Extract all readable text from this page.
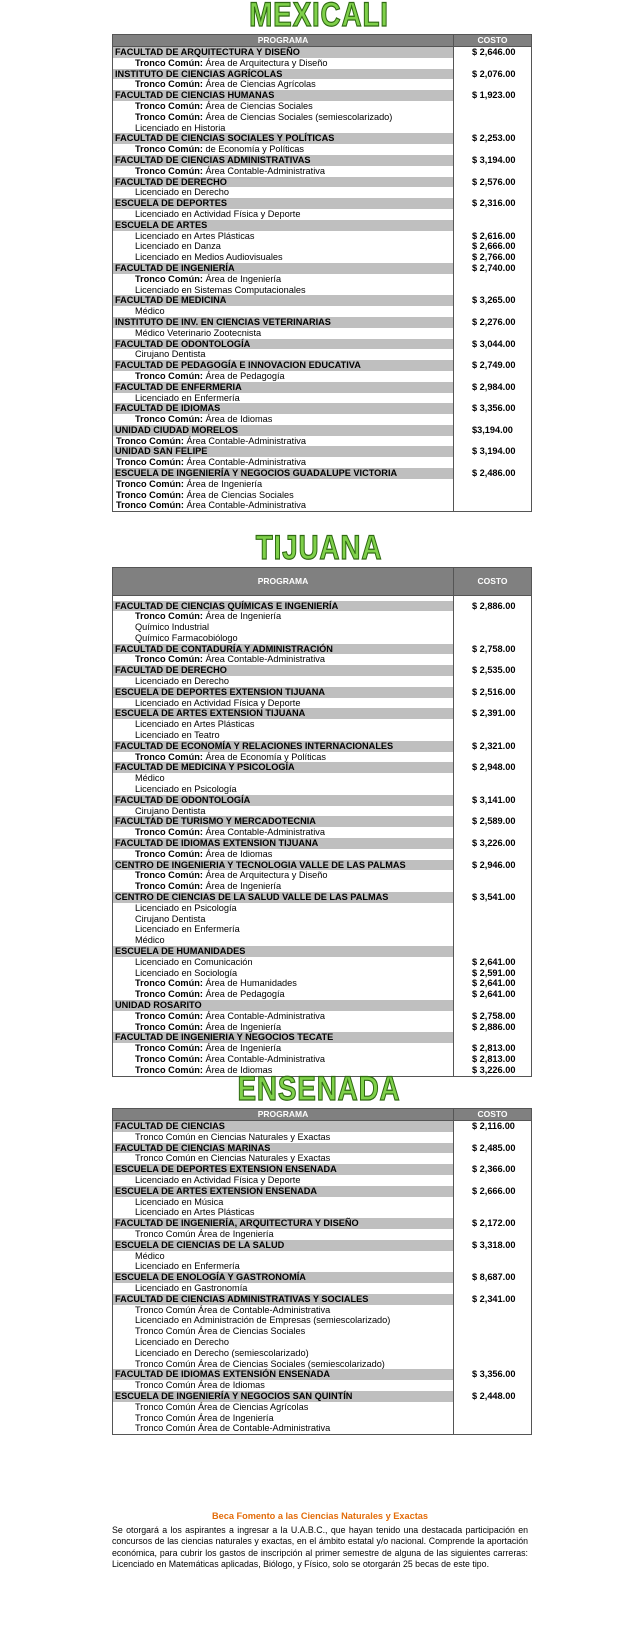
MEXICALI
PROGRAMA	COSTO
FACULTAD DE ARQUITECTURA Y DISEÑO	$ 2,646.00
Tronco Común: Área de Arquitectura y Diseño	
INSTITUTO DE CIENCIAS AGRÍCOLAS	$ 2,076.00
Tronco Común: Área de Ciencias Agrícolas	
FACULTAD DE CIENCIAS HUMANAS	$ 1,923.00
Tronco Común: Área de Ciencias Sociales	
Tronco Común: Área de Ciencias Sociales (semiescolarizado)	
Licenciado en Historia	
FACULTAD DE CIENCIAS SOCIALES Y POLÍTICAS	$ 2,253.00
Tronco Común: de Economía y Políticas	
FACULTAD DE CIENCIAS ADMINISTRATIVAS	$ 3,194.00
Tronco Común: Área Contable-Administrativa	
FACULTAD DE DERECHO	$ 2,576.00
Licenciado en Derecho	
ESCUELA DE DEPORTES	$ 2,316.00
Licenciado en Actividad Física y Deporte	
ESCUELA DE ARTES	
Licenciado en Artes Plásticas	$ 2,616.00
Licenciado en Danza	$ 2,666.00
Licenciado en Medios Audiovisuales	$ 2,766.00
FACULTAD DE INGENIERÍA	$ 2,740.00
Tronco Común: Área de Ingeniería	
Licenciado en Sistemas Computacionales	
FACULTAD DE MEDICINA	$ 3,265.00
Médico	
INSTITUTO DE INV. EN CIENCIAS VETERINARIAS	$ 2,276.00
Médico Veterinario Zootecnista	
FACULTAD DE ODONTOLOGÍA	$ 3,044.00
Cirujano Dentista	
FACULTAD DE PEDAGOGÍA E INNOVACION EDUCATIVA	$ 2,749.00
Tronco Común: Área de Pedagogía	
FACULTAD DE ENFERMERIA	$ 2,984.00
Licenciado en Enfermería	
FACULTAD DE IDIOMAS	$ 3,356.00
Tronco Común: Área de Idiomas	
UNIDAD CIUDAD MORELOS	$3,194.00
Tronco Común: Área Contable-Administrativa	
UNIDAD SAN FELIPE	$ 3,194.00
Tronco Común: Área Contable-Administrativa	
ESCUELA DE INGENIERÍA Y NEGOCIOS GUADALUPE VICTORIA	$ 2,486.00
Tronco Común: Área de Ingeniería	
Tronco Común: Área de Ciencias Sociales	
Tronco Común: Área Contable-Administrativa	
TIJUANA
PROGRAMA	COSTO

FACULTAD DE CIENCIAS QUÍMICAS E INGENIERÍA	$ 2,886.00
Tronco Común: Área de Ingeniería	
Químico Industrial	
Químico Farmacobiólogo	
FACULTAD DE CONTADURÍA Y ADMINISTRACIÓN	$ 2,758.00
Tronco Común: Área Contable-Administrativa	
FACULTAD DE DERECHO	$ 2,535.00
Licenciado en Derecho	
ESCUELA DE DEPORTES EXTENSION TIJUANA	$ 2,516.00
Licenciado en Actividad Física y Deporte	
ESCUELA DE ARTES EXTENSION TIJUANA	$ 2,391.00
Licenciado en Artes Plásticas	
Licenciado en Teatro	
FACULTAD DE ECONOMÍA Y RELACIONES INTERNACIONALES	$ 2,321.00
Tronco Común: Área de Economía y Políticas	
FACULTAD DE MEDICINA Y PSICOLOGÍA	$ 2,948.00
Médico	
Licenciado en Psicología	
FACULTAD DE ODONTOLOGÍA	$ 3,141.00
Cirujano Dentista	
FACULTAD DE TURISMO Y MERCADOTECNIA	$ 2,589.00
Tronco Común: Área Contable-Administrativa	
FACULTAD DE IDIOMAS EXTENSION TIJUANA	$ 3,226.00
Tronco Común: Área de Idiomas	
CENTRO DE INGENIERIA Y TECNOLOGIA VALLE DE LAS PALMAS	$ 2,946.00
Tronco Común: Área de Arquitectura y Diseño	
Tronco Común: Área de Ingeniería	
CENTRO DE CIENCIAS DE LA SALUD VALLE DE LAS PALMAS	$ 3,541.00
Licenciado en Psicología	
Cirujano Dentista	
Licenciado en Enfermería	
Médico	
ESCUELA DE HUMANIDADES	
Licenciado en Comunicación	$ 2,641.00
Licenciado en Sociología	$ 2,591.00
Tronco Común: Área de Humanidades	$ 2,641.00
Tronco Común: Área de Pedagogía	$ 2,641.00
UNIDAD ROSARITO	
Tronco Común: Área Contable-Administrativa	$ 2,758.00
Tronco Común: Área de Ingeniería	$ 2,886.00
FACULTAD DE INGENIERIA Y NEGOCIOS TECATE	
Tronco Común: Área de Ingeniería	$ 2,813.00
Tronco Común: Área Contable-Administrativa	$ 2,813.00
Tronco Común: Área de Idiomas	$ 3,226.00
ENSENADA
PROGRAMA	COSTO
FACULTAD DE CIENCIAS	$ 2,116.00
Tronco Común en Ciencias Naturales y Exactas	
FACULTAD DE CIENCIAS MARINAS	$ 2,485.00
Tronco Común en Ciencias Naturales y Exactas	
ESCUELA DE DEPORTES EXTENSION ENSENADA	$ 2,366.00
Licenciado en Actividad Física y Deporte	
ESCUELA DE ARTES EXTENSION ENSENADA	$ 2,666.00
Licenciado en Música	
Licenciado en Artes Plásticas	
FACULTAD DE INGENIERÍA, ARQUITECTURA Y DISEÑO	$ 2,172.00
Tronco Común Área de Ingeniería	
ESCUELA DE CIENCIAS DE LA SALUD	$ 3,318.00
Médico	
Licenciado en Enfermería	
ESCUELA DE ENOLOGÍA Y GASTRONOMÍA	$ 8,687.00
Licenciado en Gastronomía	
FACULTAD DE CIENCIAS ADMINISTRATIVAS Y SOCIALES	$ 2,341.00
Tronco Común Área de Contable-Administrativa	
Licenciado en Administración de Empresas (semiescolarizado)	
Tronco Común Área de Ciencias Sociales	
Licenciado en Derecho	
Licenciado en Derecho (semiescolarizado)	
Tronco Común Área de Ciencias Sociales (semiescolarizado)	
FACULTAD DE IDIOMAS EXTENSIÓN ENSENADA	$ 3,356.00
Tronco Común Área de Idiomas	
ESCUELA DE INGENIERÍA Y NEGOCIOS SAN QUINTÍN	$ 2,448.00
Tronco Común Área de Ciencias Agrícolas	
Tronco Común Área de Ingeniería	
Tronco Común Área de Contable-Administrativa	
Beca Fomento a las Ciencias Naturales y Exactas
Se otorgará a los aspirantes a ingresar a la U.A.B.C., que hayan tenido una destacada participación en concursos de las ciencias naturales y exactas, en el ámbito estatal y/o nacional. Comprende la aportación económica, para cubrir los gastos de inscripción al primer semestre de alguna de las siguientes carreras: Licenciado en Matemáticas aplicadas, Biólogo, y Físico, solo se otorgarán 25 becas de este tipo.
